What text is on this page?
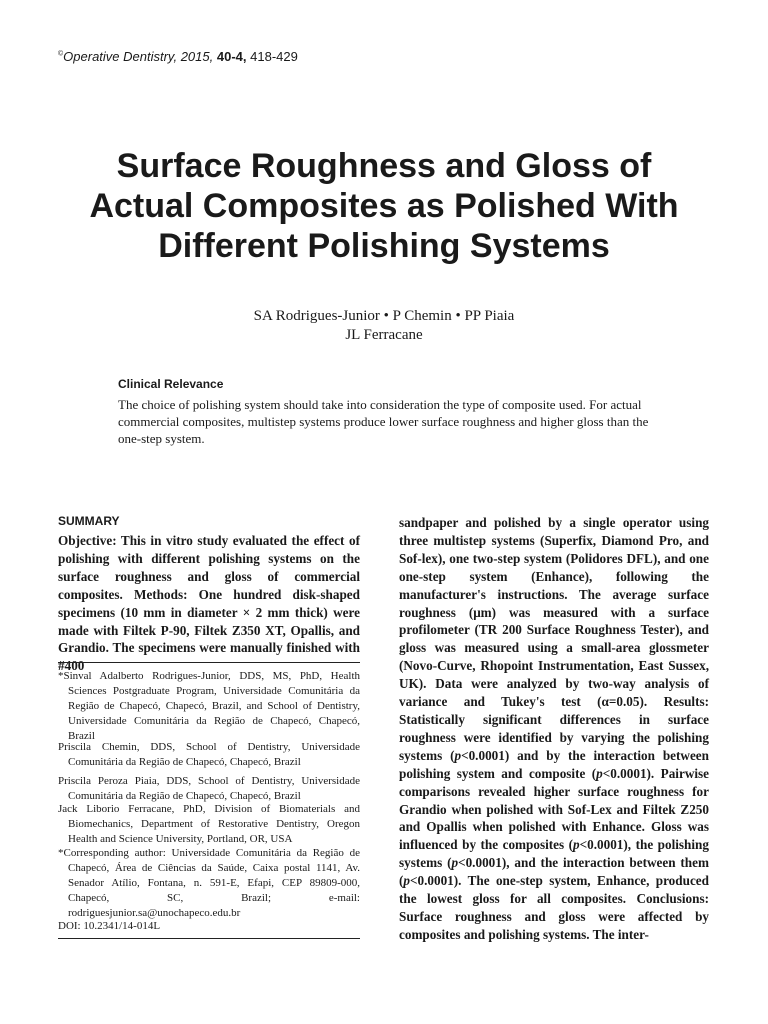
©Operative Dentistry, 2015, 40-4, 418-429
Surface Roughness and Gloss of
Actual Composites as Polished With
Different Polishing Systems
SA Rodrigues-Junior • P Chemin • PP Piaia
JL Ferracane
Clinical Relevance

The choice of polishing system should take into consideration the type of composite used. For actual commercial composites, multistep systems produce lower surface roughness and higher gloss than the one-step system.

SUMMARY

Objective: This in vitro study evaluated the effect of polishing with different polishing systems on the surface roughness and gloss of commercial composites. Methods: One hundred disk-shaped specimens (10 mm in diameter × 2 mm thick) were made with Filtek P-90, Filtek Z350 XT, Opallis, and Grandio. The specimens were manually finished with #400

*Sinval Adalberto Rodrigues-Junior, DDS, MS, PhD, Health Sciences Postgraduate Program, Universidade Comunitária da Região de Chapecó, Chapecó, Brazil, and School of Dentistry, Universidade Comunitária da Região de Chapecó, Chapecó, Brazil

Priscila Chemin, DDS, School of Dentistry, Universidade Comunitária da Região de Chapecó, Chapecó, Brazil

Priscila Peroza Piaia, DDS, School of Dentistry, Universidade Comunitária da Região de Chapecó, Chapecó, Brazil

Jack Liborio Ferracane, PhD, Division of Biomaterials and Biomechanics, Department of Restorative Dentistry, Oregon Health and Science University, Portland, OR, USA

*Corresponding author: Universidade Comunitária da Região de Chapecó, Área de Ciências da Saúde, Caixa postal 1141, Av. Senador Atílio, Fontana, n. 591-E, Efapi, CEP 89809-000, Chapecó, SC, Brazil; e-mail: rodriguesjunior.sa@unochapeco.edu.br

DOI: 10.2341/14-014L

sandpaper and polished by a single operator using three multistep systems (Superfix, Diamond Pro, and Sof-lex), one two-step system (Polidores DFL), and one one-step system (Enhance), following the manufacturer's instructions. The average surface roughness (μm) was measured with a surface profilometer (TR 200 Surface Roughness Tester), and gloss was measured using a small-area glossmeter (Novo-Curve, Rhopoint Instrumentation, East Sussex, UK). Data were analyzed by two-way analysis of variance and Tukey's test (α=0.05). Results: Statistically significant differences in surface roughness were identified by varying the polishing systems (p<0.0001) and by the interaction between polishing system and composite (p<0.0001). Pairwise comparisons revealed higher surface roughness for Grandio when polished with Sof-Lex and Filtek Z250 and Opallis when polished with Enhance. Gloss was influenced by the composites (p<0.0001), the polishing systems (p<0.0001), and the interaction between them (p<0.0001). The one-step system, Enhance, produced the lowest gloss for all composites. Conclusions: Surface roughness and gloss were affected by composites and polishing systems. The inter-
